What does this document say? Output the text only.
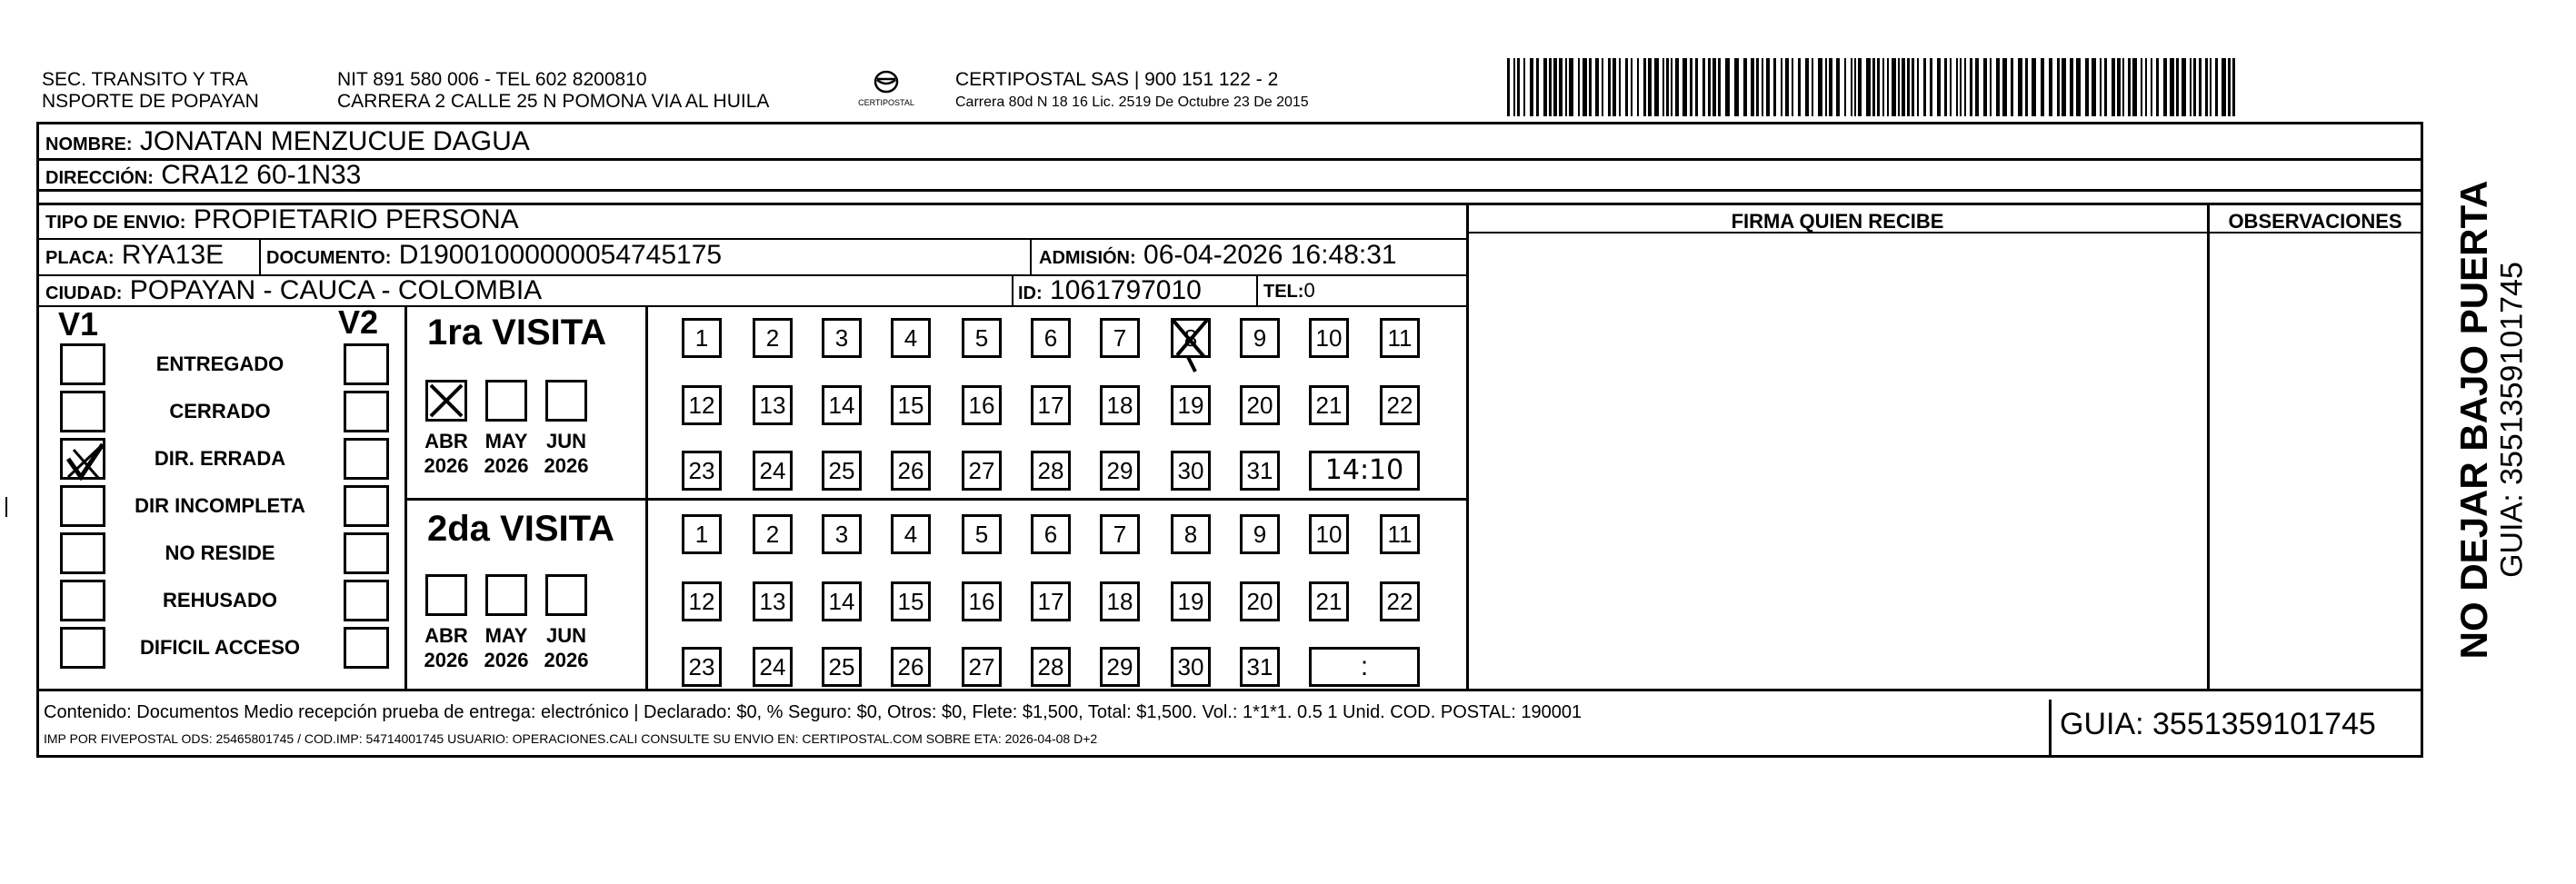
SEC. TRANSITO Y TRA
NSPORTE DE POPAYAN
NIT 891 580 006 - TEL 602 8200810
CARRERA 2 CALLE 25 N POMONA VIA AL HUILA	CERTIPOSTAL
CERTIPOSTAL SAS | 900 151 122 - 2
Carrera 80d N 18 16 Lic. 2519 De Octubre 23 De 2015
NOMBRE: JONATAN MENZUCUE DAGUA
DIRECCIÓN: CRA12 60-1N33
TIPO DE ENVIO: PROPIETARIO PERSONA	FIRMA QUIEN RECIBE	OBSERVACIONES
PLACA: RYA13E DOCUMENTO: D19001000000054745175	ADMISIÓN: 06-04-2026 16:48:31
CIUDAD: POPAYAN - CAUCA - COLOMBIA	ID: 1061797010	TEL:0
V1	V2
ENTREGADO
CERRADO
DIR. ERRADA
DIR INCOMPLETA
NO RESIDE
REHUSADO
DIFICIL ACCESO
1ra VISITA
2da VISITA
ABR
2026
MAY
2026
JUN
2026
1	2	3	4	5	6	7	8	9	10	11
12 13 14 15 16 17 18 19 20 21 22
23 24 25 26 27 28 29 30 31	14:10
ABR
2026
MAY
2026
JUN
2026
1	2	3	4	5	6	7	8	9	10	11
12 13 14 15 16 17 18 19 20 21 22
23 24 25 26 27 28 29 30 31	:
Contenido: Documentos Medio recepción prueba de entrega: electrónico | Declarado: $0, % Seguro: $0, Otros: $0, Flete: $1,500, Total: $1,500. Vol.: 1*1*1. 0.5 1 Unid. COD. POSTAL: 190001
IMP POR FIVEPOSTAL ODS: 25465801745 / COD.IMP: 54714001745 USUARIO: OPERACIONES.CALI CONSULTE SU ENVIO EN: CERTIPOSTAL.COM SOBRE ETA: 2026-04-08 D+2	GUIA: 3551359101745
NO DEJAR BAJO PUERTA GUIA: 3551359101745
